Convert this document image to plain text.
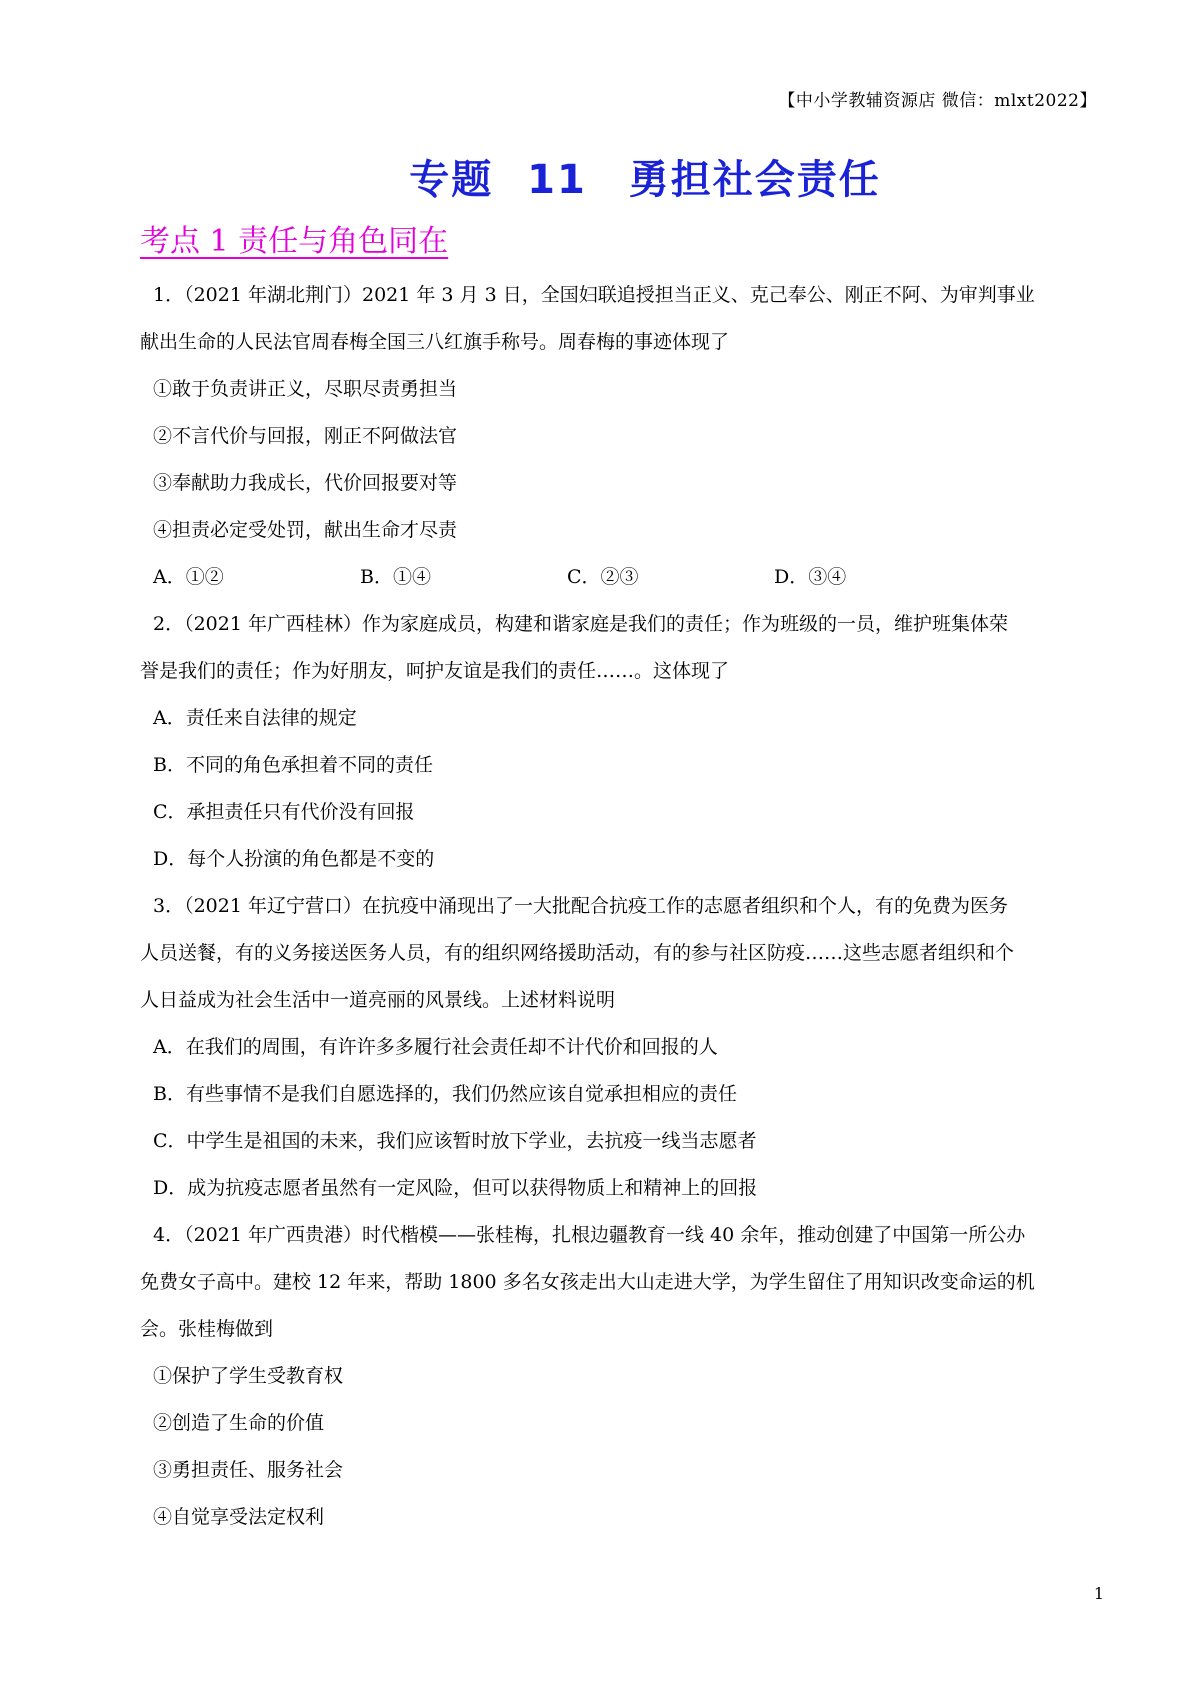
【中小学教辅资源店 微信：mlxt2022】
专题 11　勇担社会责任
考点 1 责任与角色同在
1．（2021 年湖北荆门）2021 年 3 月 3 日，全国妇联追授担当正义、克己奉公、刚正不阿、为审判事业
献出生命的人民法官周春梅全国三八红旗手称号。周春梅的事迹体现了
①敢于负责讲正义，尽职尽责勇担当
②不言代价与回报，刚正不阿做法官
③奉献助力我成长，代价回报要对等
④担责必定受处罚，献出生命才尽责
A．①②	B．①④	C．②③	D．③④
2．（2021 年广西桂林）作为家庭成员，构建和谐家庭是我们的责任；作为班级的一员，维护班集体荣
誉是我们的责任；作为好朋友，呵护友谊是我们的责任……。这体现了
A．责任来自法律的规定
B．不同的角色承担着不同的责任
C．承担责任只有代价没有回报
D．每个人扮演的角色都是不变的
3．（2021 年辽宁营口）在抗疫中涌现出了一大批配合抗疫工作的志愿者组织和个人，有的免费为医务
人员送餐，有的义务接送医务人员，有的组织网络援助活动，有的参与社区防疫……这些志愿者组织和个
人日益成为社会生活中一道亮丽的风景线。上述材料说明
A．在我们的周围，有许许多多履行社会责任却不计代价和回报的人
B．有些事情不是我们自愿选择的，我们仍然应该自觉承担相应的责任
C．中学生是祖国的未来，我们应该暂时放下学业，去抗疫一线当志愿者
D．成为抗疫志愿者虽然有一定风险，但可以获得物质上和精神上的回报
4．（2021 年广西贵港）时代楷模——张桂梅，扎根边疆教育一线 40 余年，推动创建了中国第一所公办
免费女子高中。建校 12 年来，帮助 1800 多名女孩走出大山走进大学，为学生留住了用知识改变命运的机
会。张桂梅做到
①保护了学生受教育权
②创造了生命的价值
③勇担责任、服务社会
④自觉享受法定权利
1
